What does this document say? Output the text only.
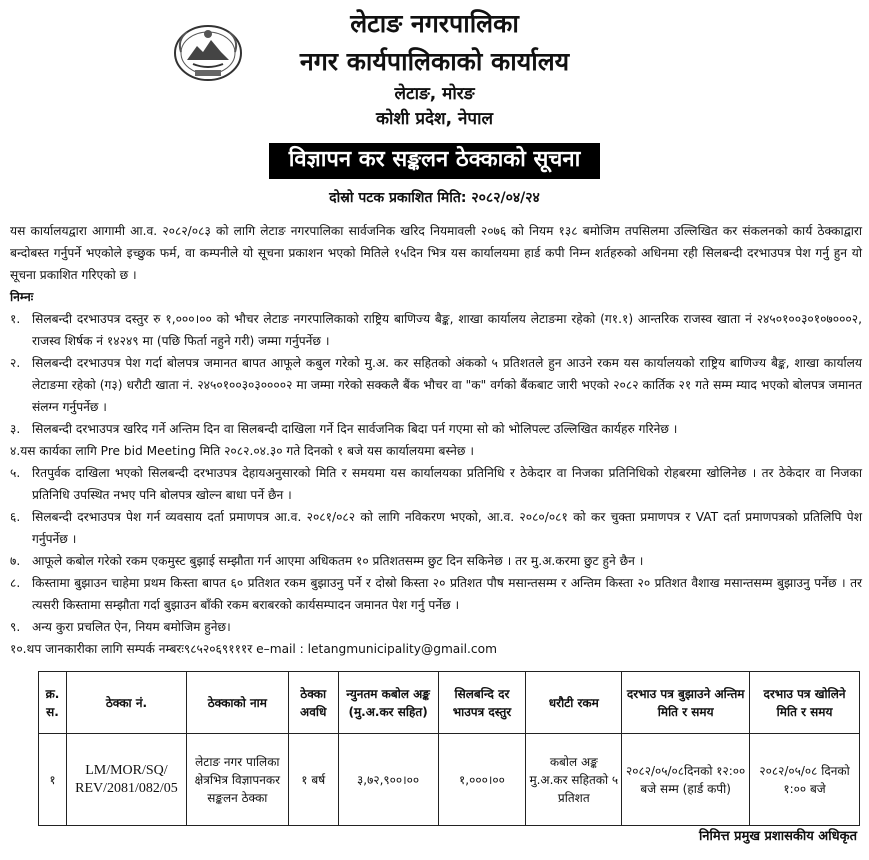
लेटाङ नगरपालिका
नगर कार्यपालिकाको कार्यालय
लेटाङ, मोरङ
कोशी प्रदेश, नेपाल
विज्ञापन कर सङ्कलन ठेक्काको सूचना
दोस्रो पटक प्रकाशित मिति: २०८२/०४/२४

यस कार्यालयद्वारा आगामी आ.व. २०८२/०८३ को लागि लेटाङ नगरपालिका सार्वजनिक खरिद नियमावली २०७६ को नियम १३८ बमोजिम तपसिलमा उल्लिखित कर संकलनको कार्य ठेक्काद्वारा बन्दोबस्त गर्नुपर्ने भएकोले इच्छुक फर्म, वा कम्पनीले यो सूचना प्रकाशन भएको मितिले १५दिन भित्र यस कार्यालयमा हार्ड कपी निम्न शर्तहरुको अधिनमा रही सिलबन्दी दरभाउपत्र पेश गर्नु हुन यो सूचना प्रकाशित गरिएको छ ।

निम्नः

१. सिलबन्दी दरभाउपत्र दस्तुर रु १,०००।०० को भौचर लेटाङ नगरपालिकाको राष्ट्रिय बाणिज्य बैङ्क, शाखा कार्यालय लेटाङमा रहेको (ग१.१) आन्तरिक राजस्व खाता नं २४५०१००३०१०७०००२, राजस्व शिर्षक नं १४२४९ मा (पछि फिर्ता नहुने गरी) जम्मा गर्नुपर्नेछ ।
२. सिलबन्दी दरभाउपत्र पेश गर्दा बोलपत्र जमानत बापत आफूले कबुल गरेको मु.अ. कर सहितको अंकको ५ प्रतिशतले हुन आउने रकम यस कार्यालयको राष्ट्रिय बाणिज्य बैङ्क, शाखा कार्यालय लेटाङमा रहेको (ग३) धरौटी खाता नं. २४५०१००३०३००००२ मा जम्मा गरेको सक्कलै बैंक भौचर वा "क" वर्गको बैंकबाट जारी भएको २०८२ कार्तिक २१ गते सम्म म्याद भएको बोलपत्र जमानत संलग्न गर्नुपर्नेछ ।
३. सिलबन्दी दरभाउपत्र खरिद गर्ने अन्तिम दिन वा सिलबन्दी दाखिला गर्ने दिन सार्वजनिक बिदा पर्न गएमा सो को भोलिपल्ट उल्लिखित कार्यहरु गरिनेछ ।
४.यस कार्यका लागि Pre bid Meeting मिति २०८२.०४.३० गते दिनको १ बजे यस कार्यालयमा बस्नेछ ।
५. रितपुर्वक दाखिला भएको सिलबन्दी दरभाउपत्र देहायअनुसारको मिति र समयमा यस कार्यालयका प्रतिनिधि र ठेकेदार वा निजका प्रतिनिधिको रोहबरमा खोलिनेछ । तर ठेकेदार वा निजका प्रतिनिधि उपस्थित नभए पनि बोलपत्र खोल्न बाधा पर्ने छैन ।
६. सिलबन्दी दरभाउपत्र पेश गर्न व्यवसाय दर्ता प्रमाणपत्र आ.व. २०८१/०८२ को लागि नविकरण भएको, आ.व. २०८०/०८१ को कर चुक्ता प्रमाणपत्र र VAT दर्ता प्रमाणपत्रको प्रतिलिपि पेश गर्नुपर्नेछ ।
७. आफूले कबोल गरेको रकम एकमुस्ट बुझाई सम्झौता गर्न आएमा अधिकतम १० प्रतिशतसम्म छुट दिन सकिनेछ । तर मु.अ.करमा छुट हुने छैन ।
८. किस्तामा बुझाउन चाहेमा प्रथम किस्ता बापत ६० प्रतिशत रकम बुझाउनु पर्ने र दोस्रो किस्ता २० प्रतिशत पौष मसान्तसम्म र अन्तिम किस्ता २० प्रतिशत वैशाख मसान्तसम्म बुझाउनु पर्नेछ । तर त्यसरी किस्तामा सम्झौता गर्दा बुझाउन बाँकी रकम बराबरको कार्यसम्पादन जमानत पेश गर्नु पर्नेछ ।
९. अन्य कुरा प्रचलित ऐन, नियम बमोजिम हुनेछ।
१०.थप जानकारीका लागि सम्पर्क नम्बरः९८५२०६९१११र e–mail : letangmunicipality@gmail.com
क्र. स.	ठेक्का नं.	ठेक्काको नाम	ठेक्का अवधि	न्युनतम कबोल अङ्क (मु.अ.कर सहित)	सिलबन्दि दर भाउपत्र दस्तुर	धरौटी रकम	दरभाउ पत्र बुझाउने अन्तिम मिति र समय	दरभाउ पत्र खोलिने मिति र समय
१	LM/MOR/SQ/ REV/2081/082/05	लेटाङ नगर पालिका क्षेत्रभित्र विज्ञापनकर सङ्कलन ठेक्का	१ बर्ष	३,७२,९००।००	१,०००।००	कबोल अङ्क मु.अ.कर सहितको ५ प्रतिशत	२०८२/०५/०८दिनको १२:०० बजे सम्म (हार्ड कपी)	२०८२/०५/०८ दिनको १:०० बजे
निमित्त प्रमुख प्रशासकीय अधिकृत
